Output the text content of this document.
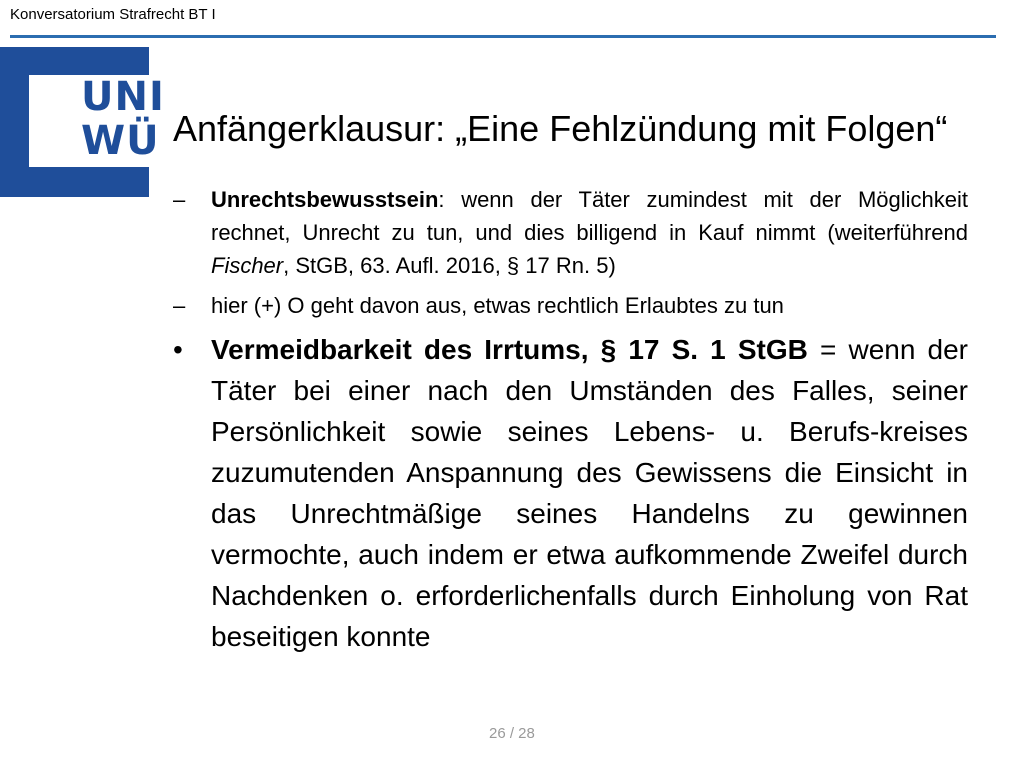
Konversatorium Strafrecht BT I
UNI
WÜ Anfängerklausur: „Eine Fehlzündung mit Folgen“
– Unrechtsbewusstsein: wenn der Täter zumindest mit der Möglichkeit rechnet, Unrecht zu tun, und dies billigend in Kauf nimmt (weiterführend Fischer, StGB, 63. Aufl. 2016, § 17 Rn. 5)
– hier (+) O geht davon aus, etwas rechtlich Erlaubtes zu tun
• Vermeidbarkeit des Irrtums, § 17 S. 1 StGB = wenn der Täter bei einer nach den Umständen des Falles, seiner Persönlichkeit sowie seines Lebens- u. Berufs-kreises zuzumutenden Anspannung des Gewissens die Einsicht in das Unrechtmäßige seines Handelns zu gewinnen vermochte, auch indem er etwa aufkommende Zweifel durch Nachdenken o. erforderlichenfalls durch Einholung von Rat beseitigen konnte
26 / 28
